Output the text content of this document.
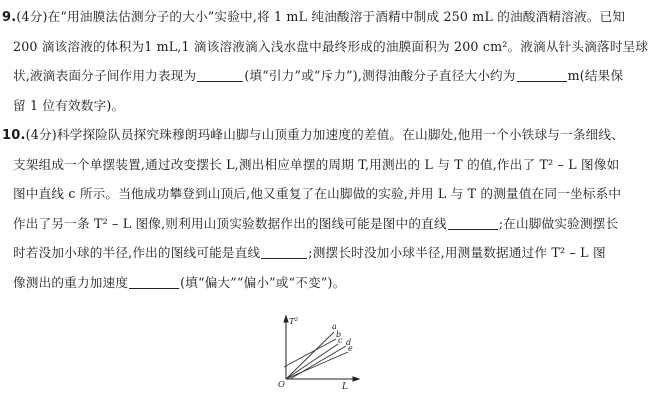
9.(4分)在“用油膜法估测分子的大小”实验中,将 1 mL 纯油酸溶于酒精中制成 250 mL 的油酸酒精溶液。已知
200 滴该溶液的体积为1 mL,1 滴该溶液滴入浅水盘中最终形成的油膜面积为 200 cm²。液滴从针头滴落时呈球
状,液滴表面分子间作用力表现为	(填“引力”或“斥力”),测得油酸分子直径大小约为	m(结果保
留 1 位有效数字)。
10.(4分)科学探险队员探究珠穆朗玛峰山脚与山顶重力加速度的差值。在山脚处,他用一个小铁球与一条细线、
支架组成一个单摆装置,通过改变摆长 L,测出相应单摆的周期 T,用测出的 L 与 T 的值,作出了 T² – L 图像如
图中直线 c 所示。当他成功攀登到山顶后,他又重复了在山脚做的实验,并用 L 与 T 的测量值在同一坐标系中
作出了另一条 T² – L 图像,则利用山顶实验数据作出的图线可能是图中的直线	;在山脚做实验测摆长
时若没加小球的半径,作出的图线可能是直线	;测摆长时没加小球半径,用测量数据通过作 T² – L 图
像测出的重力加速度	(填“偏大”“偏小”或“不变”)。
T²
L
O
a
b
c d
e
